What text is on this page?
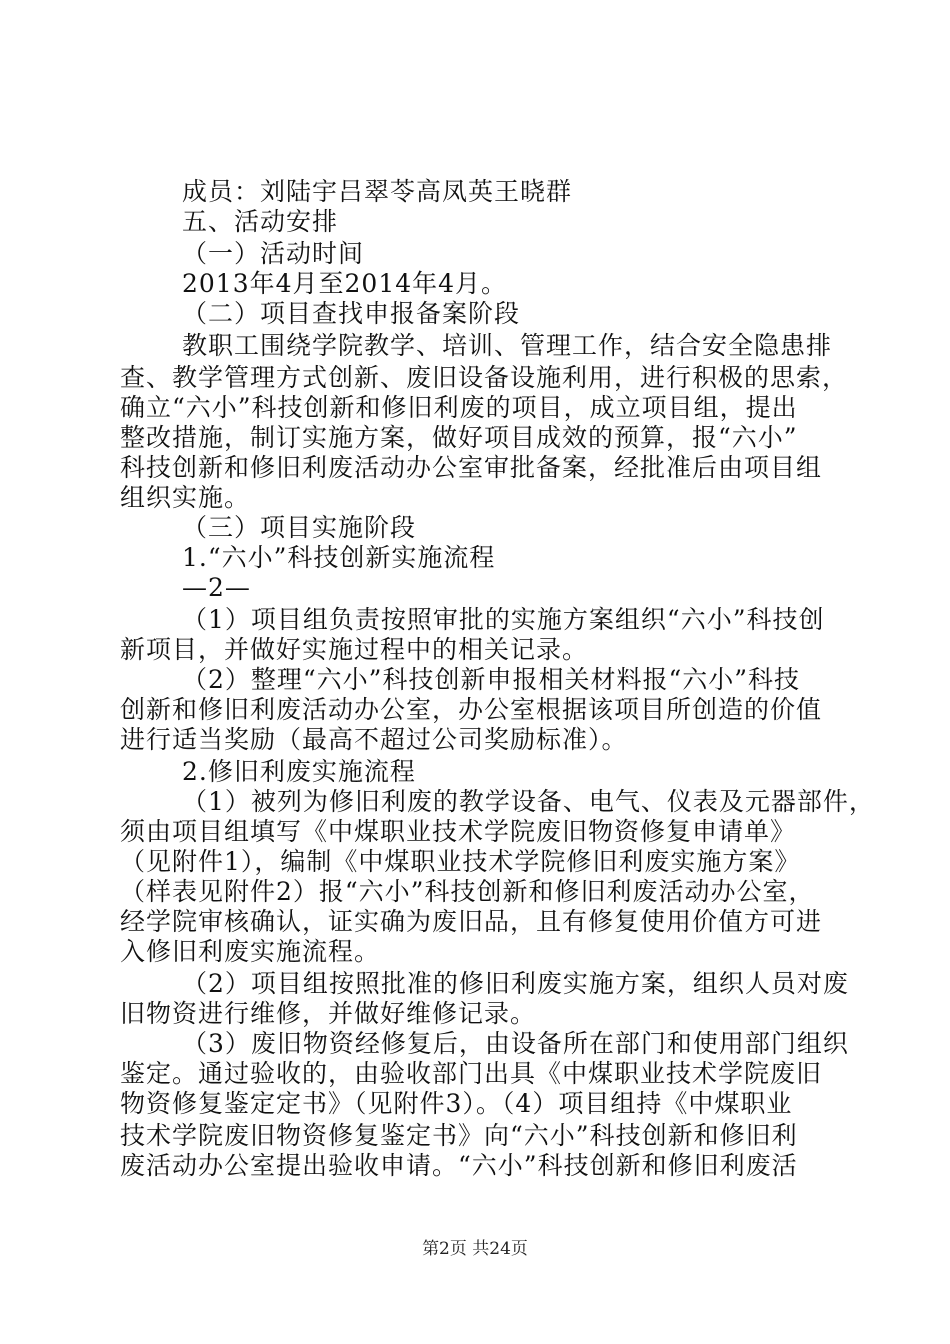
成员：刘陆宇吕翠苓高凤英王晓群
五、活动安排
（一）活动时间
2013年4月至2014年4月。
（二）项目查找申报备案阶段
教职工围绕学院教学、培训、管理工作，结合安全隐患排
查、教学管理方式创新、废旧设备设施利用，进行积极的思索，
确立“六小”科技创新和修旧利废的项目，成立项目组，提出
整改措施，制订实施方案，做好项目成效的预算，报“六小”
科技创新和修旧利废活动办公室审批备案，经批准后由项目组
组织实施。
（三）项目实施阶段
1.“六小”科技创新实施流程
—2—
（1）项目组负责按照审批的实施方案组织“六小”科技创
新项目，并做好实施过程中的相关记录。
（2）整理“六小”科技创新申报相关材料报“六小”科技
创新和修旧利废活动办公室，办公室根据该项目所创造的价值
进行适当奖励（最高不超过公司奖励标准）。
2.修旧利废实施流程
（1）被列为修旧利废的教学设备、电气、仪表及元器部件，
须由项目组填写《中煤职业技术学院废旧物资修复申请单》
（见附件1），编制《中煤职业技术学院修旧利废实施方案》
（样表见附件2）报“六小”科技创新和修旧利废活动办公室，
经学院审核确认，证实确为废旧品，且有修复使用价值方可进
入修旧利废实施流程。
（2）项目组按照批准的修旧利废实施方案，组织人员对废
旧物资进行维修，并做好维修记录。
（3）废旧物资经修复后，由设备所在部门和使用部门组织
鉴定。通过验收的，由验收部门出具《中煤职业技术学院废旧
物资修复鉴定定书》（见附件3）。（4）项目组持《中煤职业
技术学院废旧物资修复鉴定书》向“六小”科技创新和修旧利
废活动办公室提出验收申请。“六小”科技创新和修旧利废活
第2页 共24页
